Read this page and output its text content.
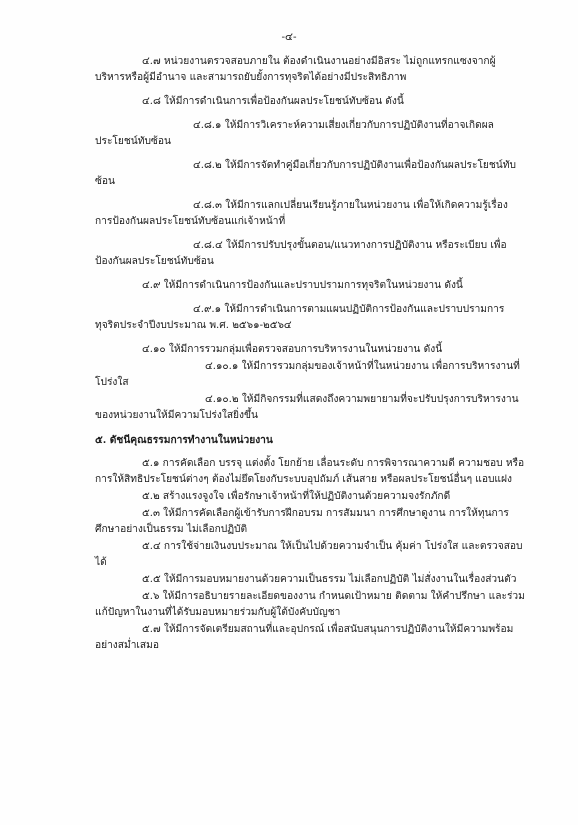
-๔-

๔.๗ หน่วยงานตรวจสอบภายใน ต้องดำเนินงานอย่างมีอิสระ ไม่ถูกแทรกแซงจากผู้บริหารหรือผู้มีอำนาจ และสามารถยับยั้งการทุจริตได้อย่างมีประสิทธิภาพ

๔.๘ ให้มีการดำเนินการเพื่อป้องกันผลประโยชน์ทับซ้อน ดังนี้

๔.๘.๑ ให้มีการวิเคราะห์ความเสี่ยงเกี่ยวกับการปฏิบัติงานที่อาจเกิดผลประโยชน์ทับซ้อน

๔.๘.๒ ให้มีการจัดทำคู่มือเกี่ยวกับการปฏิบัติงานเพื่อป้องกันผลประโยชน์ทับซ้อน

๔.๘.๓ ให้มีการแลกเปลี่ยนเรียนรู้ภายในหน่วยงาน เพื่อให้เกิดความรู้เรื่องการป้องกันผลประโยชน์ทับซ้อนแก่เจ้าหน้าที่

๔.๘.๔ ให้มีการปรับปรุงขั้นตอน/แนวทางการปฏิบัติงาน หรือระเบียบ เพื่อป้องกันผลประโยชน์ทับซ้อน

๔.๙ ให้มีการดำเนินการป้องกันและปราบปรามการทุจริตในหน่วยงาน ดังนี้

๔.๙.๑ ให้มีการดำเนินการตามแผนปฏิบัติการป้องกันและปราบปรามการทุจริตประจำปีงบประมาณ พ.ศ. ๒๕๖๑-๒๕๖๔

๔.๑๐ ให้มีการรวมกลุ่มเพื่อตรวจสอบการบริหารงานในหน่วยงาน ดังนี้

๔.๑๐.๑ ให้มีการรวมกลุ่มของเจ้าหน้าที่ในหน่วยงาน เพื่อการบริหารงานที่โปร่งใส

๔.๑๐.๒ ให้มีกิจกรรมที่แสดงถึงความพยายามที่จะปรับปรุงการบริหารงานของหน่วยงานให้มีความโปร่งใสยิ่งขึ้น

๕. ดัชนีคุณธรรมการทำงานในหน่วยงาน

๕.๑ การคัดเลือก บรรจุ แต่งตั้ง โยกย้าย เลื่อนระดับ การพิจารณาความดี ความชอบ หรือการให้สิทธิประโยชน์ต่างๆ ต้องไม่ยึดโยงกับระบบอุปถัมภ์ เส้นสาย หรือผลประโยชน์อื่นๆ แอบแฝง

๕.๒ สร้างแรงจูงใจ เพื่อรักษาเจ้าหน้าที่ให้ปฏิบัติงานด้วยความจงรักภักดี

๕.๓ ให้มีการคัดเลือกผู้เข้ารับการฝึกอบรม การสัมมนา การศึกษาดูงาน การให้ทุนการศึกษาอย่างเป็นธรรม ไม่เลือกปฏิบัติ

๕.๔ การใช้จ่ายเงินงบประมาณ ให้เป็นไปด้วยความจำเป็น คุ้มค่า โปร่งใส และตรวจสอบได้

๕.๕ ให้มีการมอบหมายงานด้วยความเป็นธรรม ไม่เลือกปฏิบัติ ไม่สั่งงานในเรื่องส่วนตัว

๕.๖ ให้มีการอธิบายรายละเอียดของงาน กำหนดเป้าหมาย ติดตาม ให้คำปรึกษา และร่วมแก้ปัญหาในงานที่ได้รับมอบหมายร่วมกับผู้ใต้บังคับบัญชา

๕.๗ ให้มีการจัดเตรียมสถานที่และอุปกรณ์ เพื่อสนับสนุนการปฏิบัติงานให้มีความพร้อมอย่างสม่ำเสมอ
